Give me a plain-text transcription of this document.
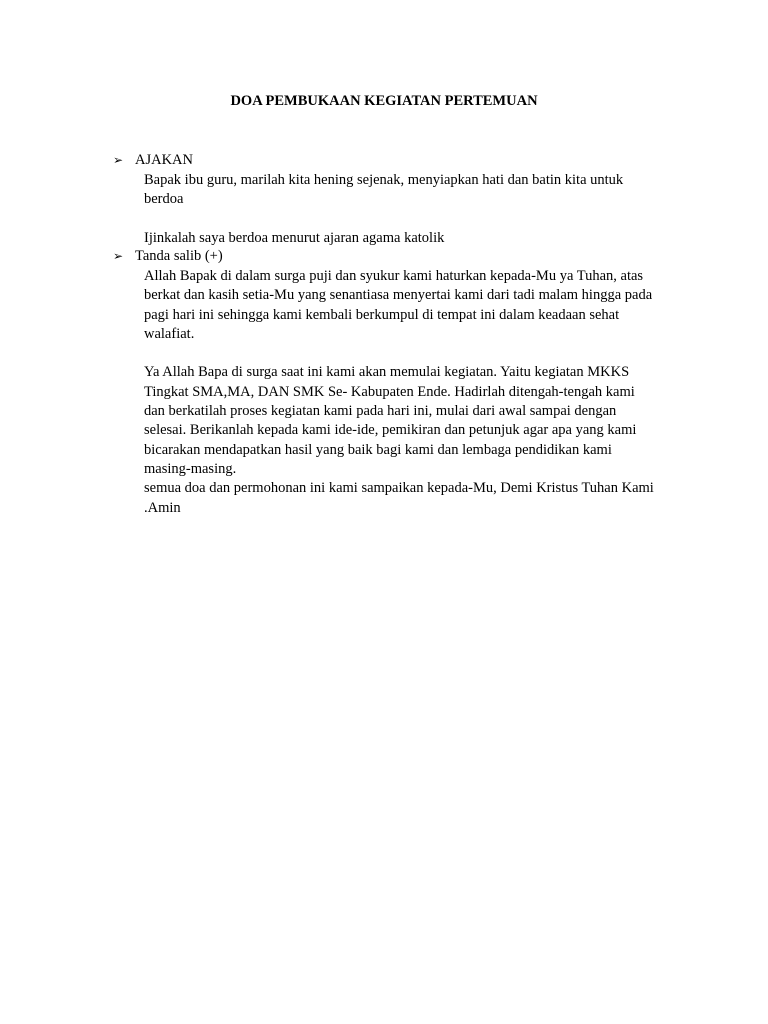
DOA PEMBUKAAN KEGIATAN PERTEMUAN
➢ AJAKAN

Bapak ibu guru, marilah kita hening sejenak, menyiapkan hati dan batin kita untuk

berdoa

Ijinkalah saya berdoa menurut ajaran agama katolik

➢ Tanda salib (+)

Allah Bapak di dalam surga puji dan syukur kami haturkan kepada-Mu ya Tuhan, atas

berkat dan kasih setia-Mu yang senantiasa menyertai kami dari tadi malam hingga pada

pagi hari ini sehingga kami kembali berkumpul di tempat ini dalam keadaan sehat

walafiat.

Ya Allah Bapa di surga saat ini kami akan memulai kegiatan. Yaitu kegiatan MKKS

Tingkat SMA,MA, DAN SMK Se- Kabupaten Ende. Hadirlah ditengah-tengah kami

dan berkatilah proses kegiatan kami pada hari ini, mulai dari awal sampai dengan

selesai. Berikanlah kepada kami ide-ide, pemikiran dan petunjuk agar apa yang kami

bicarakan mendapatkan hasil yang baik bagi kami dan lembaga pendidikan kami

masing-masing.

semua doa dan permohonan ini kami sampaikan kepada-Mu, Demi Kristus Tuhan Kami

.Amin
